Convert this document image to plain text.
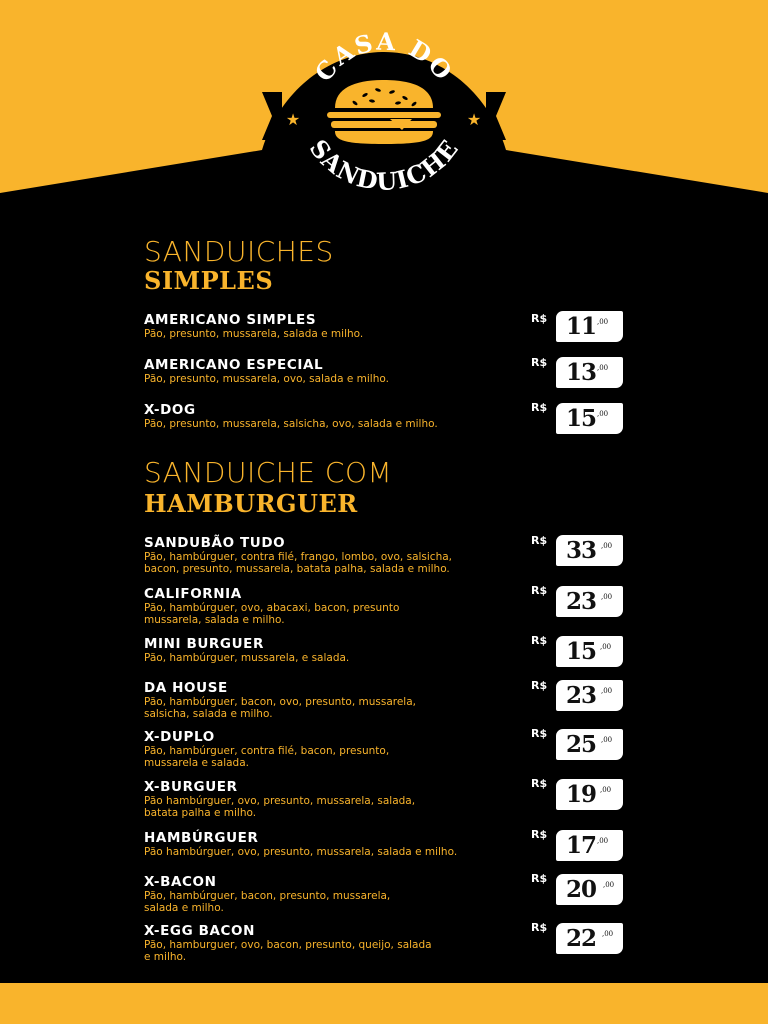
★	★
CASA DO
SANDUICHE
SANDUICHES
SIMPLES
AMERICANO SIMPLES
Pão, presunto, mussarela, salada e milho.
R$ 11 ,00
AMERICANO ESPECIAL
Pão, presunto, mussarela, ovo, salada e milho.
R$ 13 ,00
X-DOG
Pão, presunto, mussarela, salsicha, ovo, salada e milho.
R$ 15 ,00
SANDUICHE COM
HAMBURGUER
SANDUBÃO TUDO
Pão, hambúrguer, contra filé, frango, lombo, ovo, salsicha,
bacon, presunto, mussarela, batata palha, salada e milho.
R$ 33 ,00
CALIFORNIA
Pão, hambúrguer, ovo, abacaxi, bacon, presunto
mussarela, salada e milho.
R$ 23 ,00
MINI BURGUER
Pão, hambúrguer, mussarela, e salada.
R$ 15 ,00
DA HOUSE
Pão, hambúrguer, bacon, ovo, presunto, mussarela,
salsicha, salada e milho.
R$ 23 ,00
X-DUPLO
Pão, hambúrguer, contra filé, bacon, presunto,
mussarela e salada.
R$ 25 ,00
X-BURGUER
Pão hambúrguer, ovo, presunto, mussarela, salada,
batata palha e milho.
R$ 19 ,00
HAMBÚRGUER
Pão hambúrguer, ovo, presunto, mussarela, salada e milho.
R$ 17 ,00
X-BACON
Pão, hambúrguer, bacon, presunto, mussarela,
salada e milho.
R$ 20 ,00
X-EGG BACON
Pão, hamburguer, ovo, bacon, presunto, queijo, salada
e milho.
R$ 22 ,00
